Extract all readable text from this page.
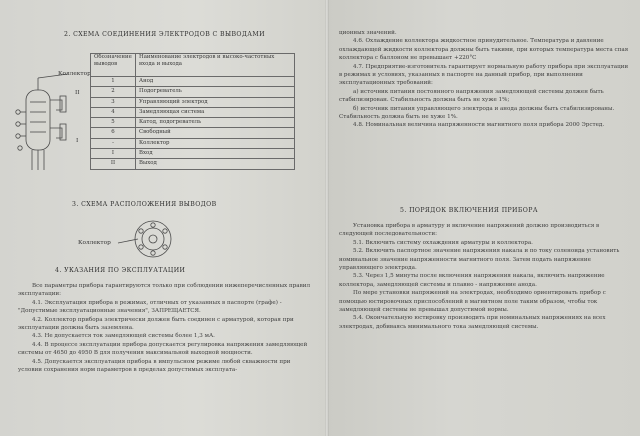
2. СХЕМА СОЕДИНЕНИЯ ЭЛЕКТРОДОВ С ВЫВОДАМИ
Коллектор
II
I
Обозначение выводов	Наименование электродов и высоко-частотных входа и выхода
1	Анод
2	Подогреватель
3	Управляющий электрод
4	Замедляющая система
5	Катод, подогреватель
6	Свободный
-	Коллектор
I	Вход
II	Выход
3. СХЕМА РАСПОЛОЖЕНИЯ ВЫВОДОВ
Коллектор
4. УКАЗАНИЯ ПО ЭКСПЛУАТАЦИИ

Все параметры прибора гарантируются только при соблюдении нижеперечисленных правил эксплуатации:

4.1. Эксплуатация прибора в режимах, отличных от указанных в паспорте (графе) - "Допустимые эксплуатационные значения", ЗАПРЕЩАЕТСЯ.

4.2. Коллектор прибора электрически должен быть соединен с арматурой, которая при эксплуатации должна быть заземлена.

4.3. Не допускается ток замедляющей системы более 1,3 мА.

4.4. В процессе эксплуатации прибора допускается регулировка напряжения замедляющей системы от 4650 до 4950 В для получения максимальной выходной мощности.

4.5. Допускается эксплуатация прибора в импульсном режиме любой скважности при условии сохранения норм параметров в пределах допустимых эксплуата-

ционных значений.

4.6. Охлаждение коллектора жидкостное принудительное. Температура и давление охлаждающей жидкости коллектора должны быть такими, при которых температура места спая коллектора с баллоном не превышает +220°С

4.7. Предприятие-изготовитель гарантирует нормальную работу прибора при эксплуатации в режимах и условиях, указанных в паспорте на данный прибор, при выполнении эксплуатационных требований:

а) источник питания постоянного напряжения замедляющей системы должен быть стабилизирован. Стабильность должна быть не хуже 1%;

б) источник питания управляющего электрода и анода должны быть стабилизированы. Стабильность должна быть не хуже 1%.

4.8. Номинальная величина напряженности магнитного поля прибора 2000 Эрстед.

5. ПОРЯДОК ВКЛЮЧЕНИЯ ПРИБОРА

Установка прибора в арматуру и включение напряжений должно производиться в следующей последовательности:

5.1. Включить систему охлаждения арматуры и коллектора.

5.2. Включить паспортное значение напряжения накала и по току соленоида установить номинальное значение напряженности магнитного поля. Затем подать напряжение управляющего электрода.

5.3. Через 1,5 минуты после включения напряжения накала, включить напряжение коллектора, замедляющей системы и плавно - напряжение анода.

По мере установки напряжений на электродах, необходимо ориентировать прибор с помощью юстировочных приспособлений в магнитном поле таким образом, чтобы ток замедляющей системы не превышал допустимой нормы.

5.4. Окончательную юстировку производить при номинальных напряжениях на всех электродах, добиваясь минимального тока замедляющей системы.
